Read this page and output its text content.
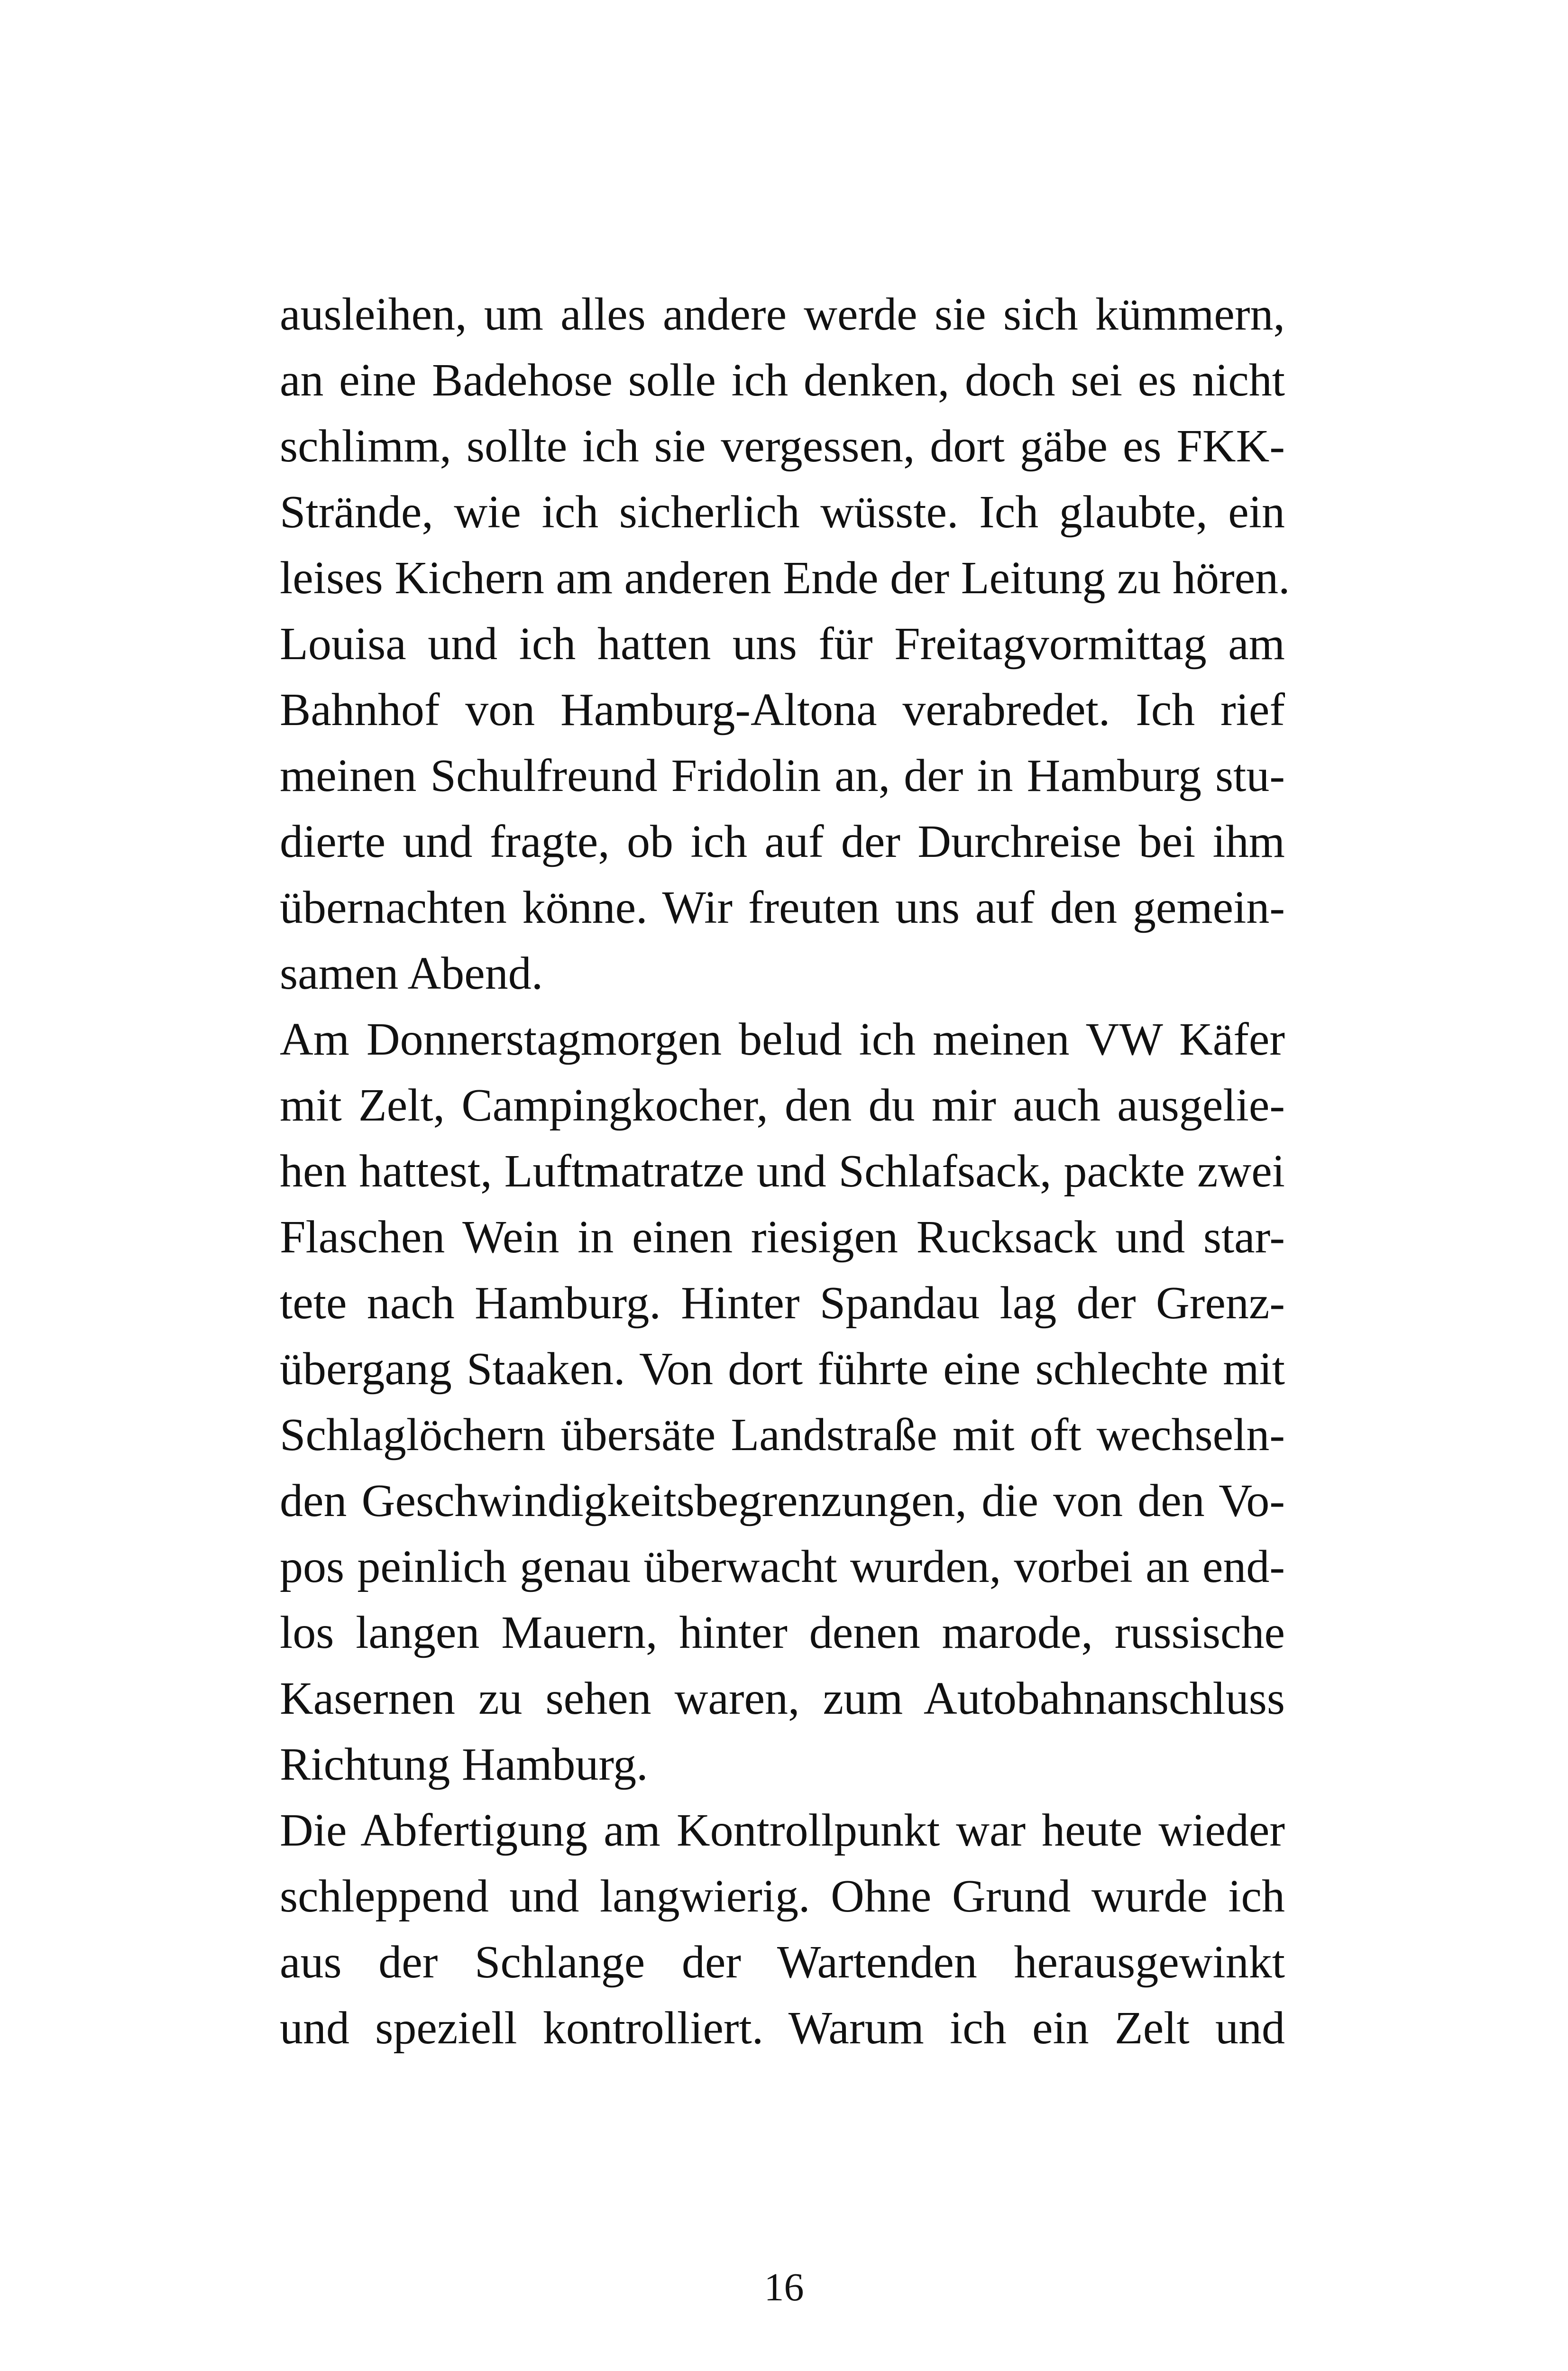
ausleihen, um alles andere werde sie sich kümmern,
an eine Badehose solle ich denken, doch sei es nicht
schlimm, sollte ich sie vergessen, dort gäbe es FKK-
Strände, wie ich sicherlich wüsste. Ich glaubte, ein
leises Kichern am anderen Ende der Leitung zu hören.
Louisa und ich hatten uns für Freitagvormittag am
Bahnhof von Hamburg-Altona verabredet. Ich rief
meinen Schulfreund Fridolin an, der in Hamburg stu-
dierte und fragte, ob ich auf der Durchreise bei ihm
übernachten könne. Wir freuten uns auf den gemein-
samen Abend.
Am Donnerstagmorgen belud ich meinen VW Käfer
mit Zelt, Campingkocher, den du mir auch ausgelie-
hen hattest, Luftmatratze und Schlafsack, packte zwei
Flaschen Wein in einen riesigen Rucksack und star-
tete nach Hamburg. Hinter Spandau lag der Grenz-
übergang Staaken. Von dort führte eine schlechte mit
Schlaglöchern übersäte Landstraße mit oft wechseln-
den Geschwindigkeitsbegrenzungen, die von den Vo-
pos peinlich genau überwacht wurden, vorbei an end-
los langen Mauern, hinter denen marode, russische
Kasernen zu sehen waren, zum Autobahnanschluss
Richtung Hamburg.
Die Abfertigung am Kontrollpunkt war heute wieder
schleppend und langwierig. Ohne Grund wurde ich
aus der Schlange der Wartenden herausgewinkt
und speziell kontrolliert. Warum ich ein Zelt und
16
